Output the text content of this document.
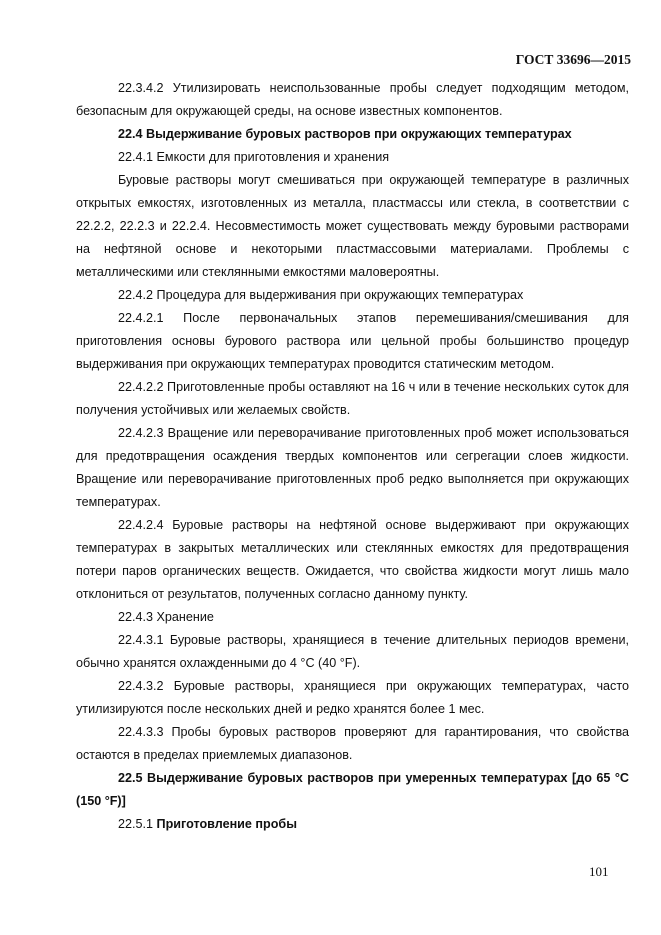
ГОСТ 33696—2015

22.3.4.2 Утилизировать неиспользованные пробы следует подходящим методом, безопасным для окружающей среды, на основе известных компонентов.

22.4 Выдерживание буровых растворов при окружающих температурах

22.4.1 Емкости для приготовления и хранения

Буровые растворы могут смешиваться при окружающей температуре в различных открытых емкостях, изготовленных из металла, пластмассы или стекла, в соответствии с 22.2.2, 22.2.3 и 22.2.4. Несовместимость может существовать между буровыми растворами на нефтяной основе и некоторыми пластмассовыми материалами. Проблемы с металлическими или стеклянными емкостями маловероятны.

22.4.2 Процедура для выдерживания при окружающих температурах

22.4.2.1 После первоначальных этапов перемешивания/смешивания для приготовления основы бурового раствора или цельной пробы большинство процедур выдерживания при окружающих температурах проводится статическим методом.

22.4.2.2 Приготовленные пробы оставляют на 16 ч или в течение нескольких суток для получения устойчивых или желаемых свойств.

22.4.2.3 Вращение или переворачивание приготовленных проб может использоваться для предотвращения осаждения твердых компонентов или сегрегации слоев жидкости. Вращение или переворачивание приготовленных проб редко выполняется при окружающих температурах.

22.4.2.4 Буровые растворы на нефтяной основе выдерживают при окружающих температурах в закрытых металлических или стеклянных емкостях для предотвращения потери паров органических веществ. Ожидается, что свойства жидкости могут лишь мало отклониться от результатов, полученных согласно данному пункту.

22.4.3 Хранение

22.4.3.1 Буровые растворы, хранящиеся в течение длительных периодов времени, обычно хранятся охлажденными до 4 °С (40 °F).

22.4.3.2 Буровые растворы, хранящиеся при окружающих температурах, часто утилизируются после нескольких дней и редко хранятся более 1 мес.

22.4.3.3 Пробы буровых растворов проверяют для гарантирования, что свойства остаются в пределах приемлемых диапазонов.

22.5 Выдерживание буровых растворов при умеренных температурах [до 65 °С (150 °F)]

22.5.1 Приготовление пробы

101
